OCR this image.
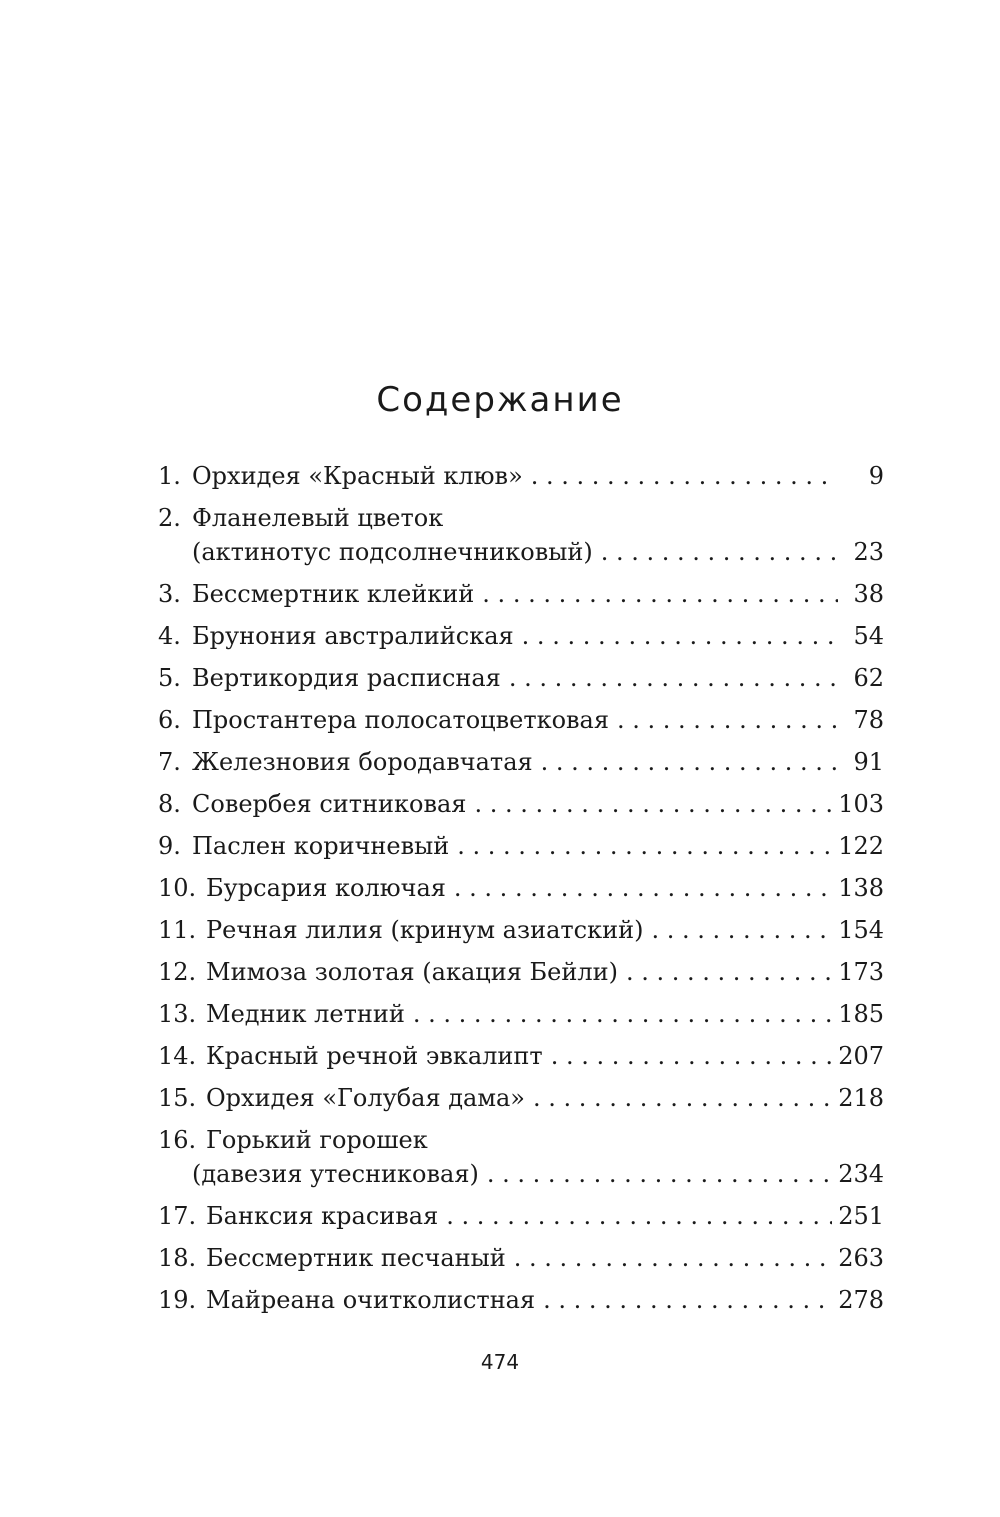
Содержание
1. Орхидея «Красный клюв» . . .	9
2. Фланелевый цветок
(актинотус подсолнечниковый) . . .	23
3. Бессмертник клейкий . . .	38
4. Брунония австралийская . . .	54
5. Вертикордия расписная . . .	62
6. Простантера полосатоцветковая . . .	78
7. Железновия бородавчатая . . .	91
8. Совербея ситниковая . . .	103
9. Паслен коричневый . . .	122
10. Бурсария колючая . . .	138
11. Речная лилия (кринум азиатский) . . .	154
12. Мимоза золотая (акация Бейли) . . .	173
13. Медник летний . . .	185
14. Красный речной эвкалипт . . .	207
15. Орхидея «Голубая дама» . . .	218
16. Горький горошек
(давезия утесниковая) . . .	234
17. Банксия красивая . . .	251
18. Бессмертник песчаный . . .	263
19. Майреана очитколистная . . .	278
474
